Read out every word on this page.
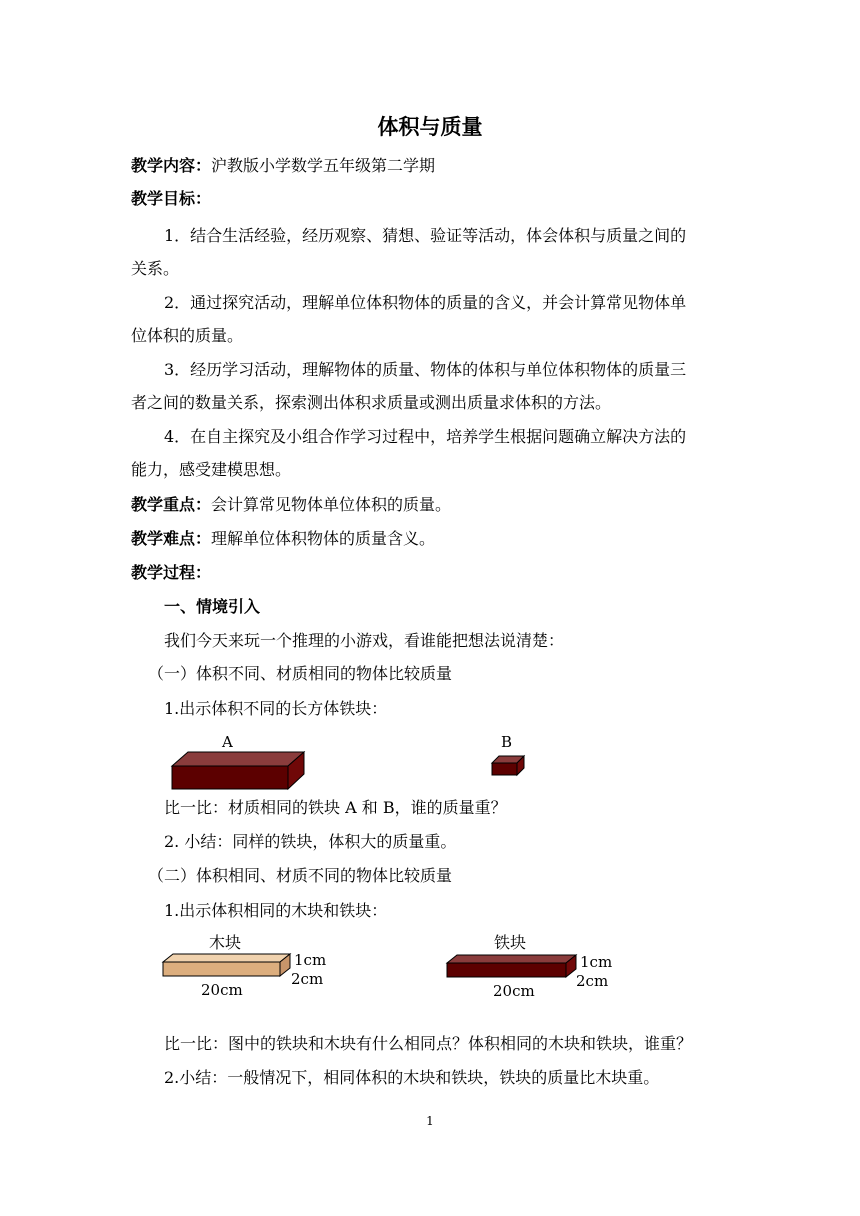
体积与质量
教学内容：沪教版小学数学五年级第二学期
教学目标：
1．结合生活经验，经历观察、猜想、验证等活动，体会体积与质量之间的
关系。
2．通过探究活动，理解单位体积物体的质量的含义，并会计算常见物体单
位体积的质量。
3．经历学习活动，理解物体的质量、物体的体积与单位体积物体的质量三
者之间的数量关系，探索测出体积求质量或测出质量求体积的方法。
4．在自主探究及小组合作学习过程中，培养学生根据问题确立解决方法的
能力，感受建模思想。
教学重点：会计算常见物体单位体积的质量。
教学难点：理解单位体积物体的质量含义。
教学过程：
一、情境引入
我们今天来玩一个推理的小游戏，看谁能把想法说清楚：
（一）体积不同、材质相同的物体比较质量
1.出示体积不同的长方体铁块：
A	B
比一比：材质相同的铁块 A 和 B，谁的质量重？
2. 小结：同样的铁块，体积大的质量重。
（二）体积相同、材质不同的物体比较质量
1.出示体积相同的木块和铁块：
木块	铁块
1cm
2cm
20cm
1cm
2cm
20cm
比一比：图中的铁块和木块有什么相同点？体积相同的木块和铁块，谁重？
2.小结：一般情况下，相同体积的木块和铁块，铁块的质量比木块重。
1
